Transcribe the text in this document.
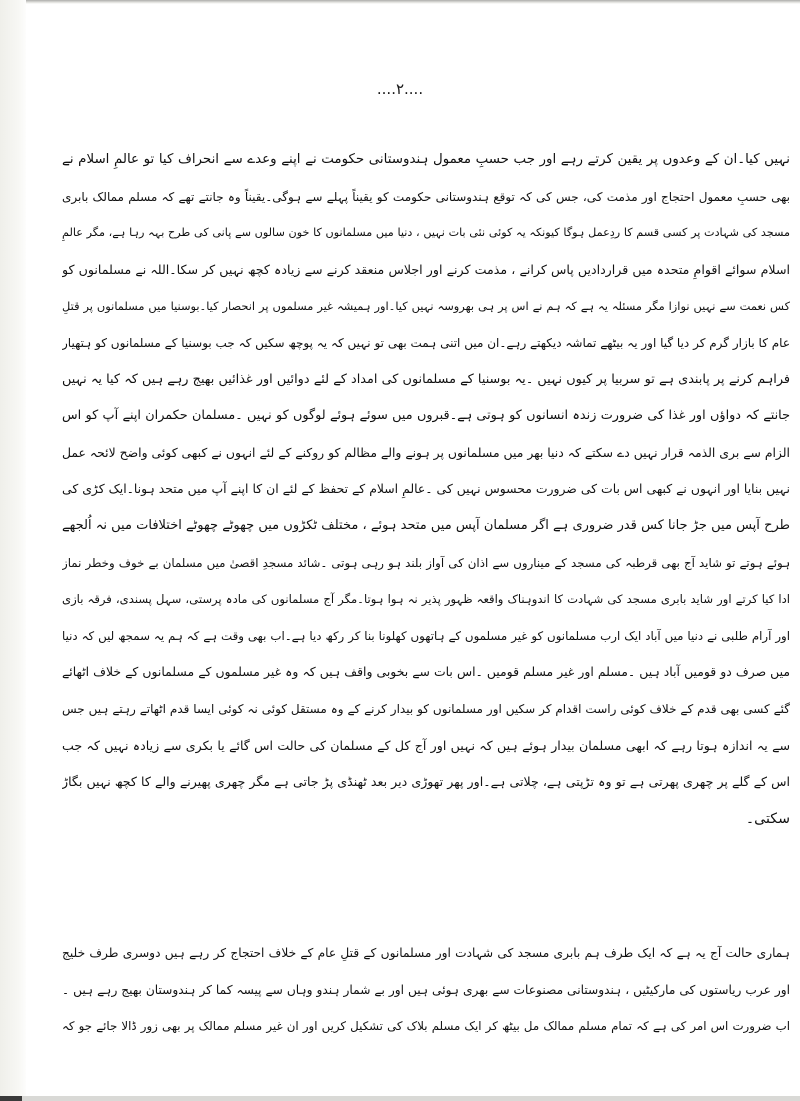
....۲....
نہیں کیا۔ان کے وعدوں پر یقین کرتے رہے اور جب حسبِ معمول ہندوستانی حکومت نے اپنے وعدے سے انحراف کیا تو عالمِ اسلام نے
بھی حسبِ معمول احتجاج اور مذمت کی، جس کی کہ توقع ہندوستانی حکومت کو یقیناً پہلے سے ہوگی۔یقیناً وہ جانتے تھے کہ مسلم ممالک بابری
مسجد کی شہادت پر کسی قسم کا ردِعمل ہوگا کیونکہ یہ کوئی نئی بات نہیں ، دنیا میں مسلمانوں کا خون سالوں سے پانی کی طرح بہہ رہا ہے، مگر عالمِ
اسلام سوائے اقوامِ متحدہ میں قراردادیں پاس کرانے ، مذمت کرنے اور اجلاس منعقد کرنے سے زیادہ کچھ نہیں کر سکا۔اللہ نے مسلمانوں کو
کس نعمت سے نہیں نوازا مگر مسئلہ یہ ہے کہ ہم نے اس پر ہی بھروسہ نہیں کیا۔اور ہمیشہ غیر مسلموں پر انحصار کیا۔بوسنیا میں مسلمانوں پر قتلِ
عام کا بازار گرم کر دیا گیا اور یہ بیٹھے تماشہ دیکھتے رہے۔ان میں اتنی ہمت بھی تو نہیں کہ یہ پوچھ سکیں کہ جب بوسنیا کے مسلمانوں کو ہتھیار
فراہم کرنے پر پابندی ہے تو سربیا پر کیوں نہیں ۔یہ بوسنیا کے مسلمانوں کی امداد کے لئے دوائیں اور غذائیں بھیج رہے ہیں کہ کیا یہ نہیں
جانتے کہ دواؤں اور غذا کی ضرورت زندہ انسانوں کو ہوتی ہے۔قبروں میں سوئے ہوئے لوگوں کو نہیں ۔مسلمان حکمران اپنے آپ کو اس
الزام سے بری الذمہ قرار نہیں دے سکتے کہ دنیا بھر میں مسلمانوں پر ہونے والے مظالم کو روکنے کے لئے انہوں نے کبھی کوئی واضح لائحہ عمل
نہیں بنایا اور انہوں نے کبھی اس بات کی ضرورت محسوس نہیں کی ۔عالمِ اسلام کے تحفظ کے لئے ان کا اپنے آپ میں متحد ہونا۔ایک کڑی کی
طرح آپس میں جڑ جانا کس قدر ضروری ہے اگر مسلمان آپس میں متحد ہوئے ، مختلف ٹکڑوں میں چھوٹے چھوٹے اختلافات میں نہ اُلجھے
ہوئے ہوتے تو شاید آج بھی قرطبہ کی مسجد کے میناروں سے اذان کی آواز بلند ہو رہی ہوتی ۔شائد مسجدِ اقصیٰ میں مسلمان بے خوف وخطر نماز
ادا کیا کرتے اور شاید بابری مسجد کی شہادت کا اندوہناک واقعہ ظہور پذیر نہ ہوا ہوتا۔مگر آج مسلمانوں کی مادہ پرستی، سہل پسندی، فرقہ بازی
اور آرام طلبی نے دنیا میں آباد ایک ارب مسلمانوں کو غیر مسلموں کے ہاتھوں کھلونا بنا کر رکھ دیا ہے۔اب بھی وقت ہے کہ ہم یہ سمجھ لیں کہ دنیا
میں صرف دو قومیں آباد ہیں ۔مسلم اور غیر مسلم قومیں ۔اس بات سے بخوبی واقف ہیں کہ وہ غیر مسلموں کے مسلمانوں کے خلاف اٹھائے
گئے کسی بھی قدم کے خلاف کوئی راست اقدام کر سکیں اور مسلمانوں کو بیدار کرنے کے وہ مستقل کوئی نہ کوئی ایسا قدم اٹھاتے رہتے ہیں جس
سے یہ اندازہ ہوتا رہے کہ ابھی مسلمان بیدار ہوئے ہیں کہ نہیں اور آج کل کے مسلمان کی حالت اس گائے یا بکری سے زیادہ نہیں کہ جب
اس کے گلے پر چھری پھرتی ہے تو وہ تڑپتی ہے، چلاتی ہے۔اور پھر تھوڑی دیر بعد ٹھنڈی پڑ جاتی ہے مگر چھری پھیرنے والے کا کچھ نہیں بگاڑ
سکتی۔
ہماری حالت آج یہ ہے کہ ایک طرف ہم بابری مسجد کی شہادت اور مسلمانوں کے قتلِ عام کے خلاف احتجاج کر رہے ہیں دوسری طرف خلیج
اور عرب ریاستوں کی مارکیٹیں ، ہندوستانی مصنوعات سے بھری ہوئی ہیں اور بے شمار ہندو وہاں سے پیسہ کما کر ہندوستان بھیج رہے ہیں ۔
اب ضرورت اس امر کی ہے کہ تمام مسلم ممالک مل بیٹھ کر ایک مسلم بلاک کی تشکیل کریں اور ان غیر مسلم ممالک پر بھی زور ڈالا جائے جو کہ
